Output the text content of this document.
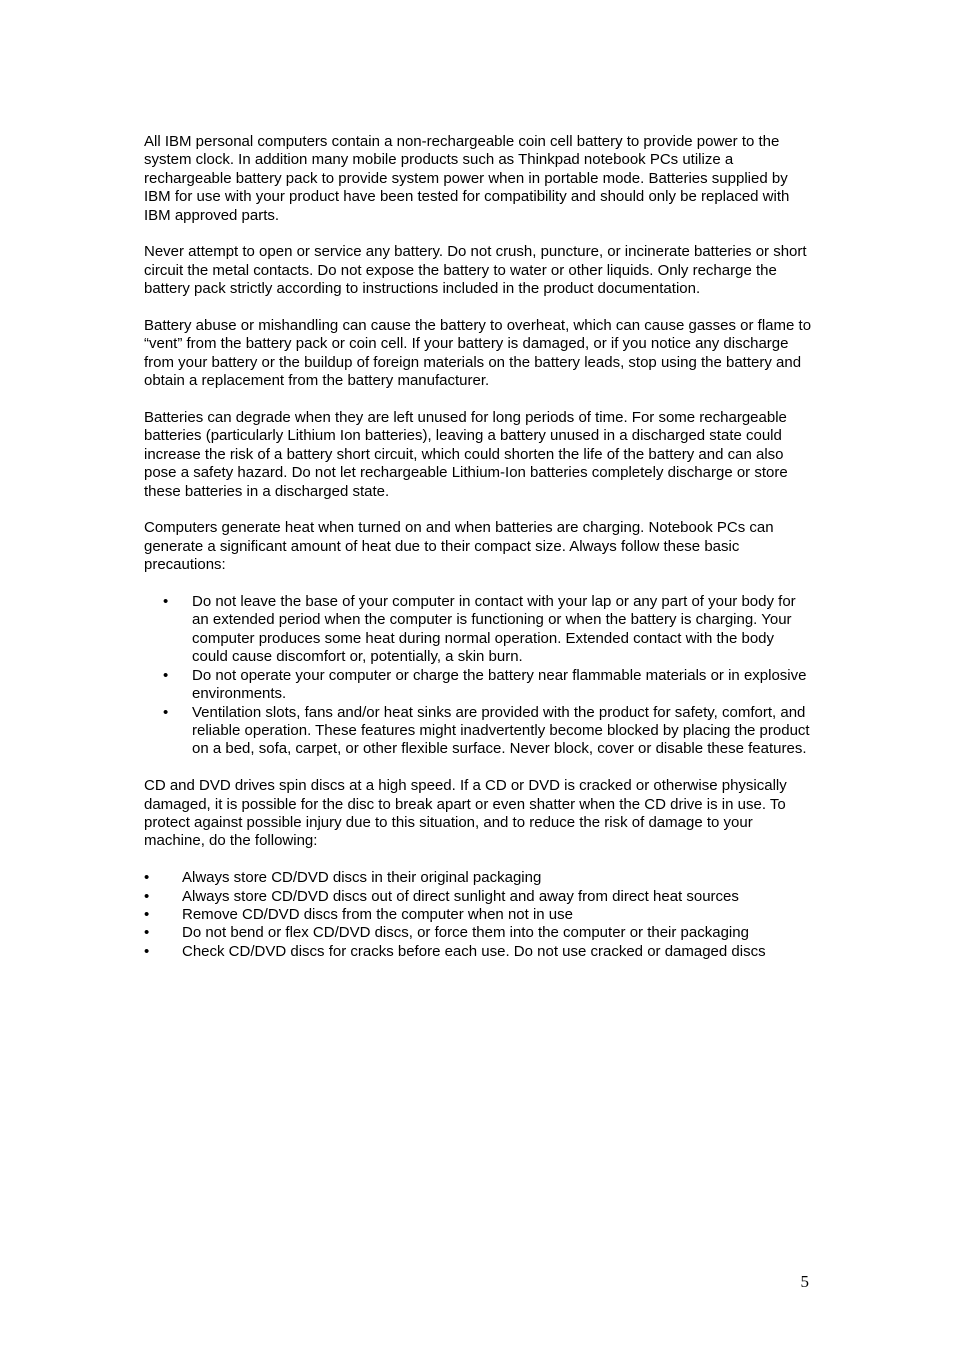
All IBM personal computers contain a non-rechargeable coin cell battery to provide power to the system clock. In addition many mobile products such as Thinkpad notebook PCs utilize a rechargeable battery pack to provide system power when in portable mode. Batteries supplied by IBM for use with your product have been tested for compatibility and should only be replaced with IBM approved parts.

Never attempt to open or service any battery. Do not crush, puncture, or incinerate batteries or short circuit the metal contacts. Do not expose the battery to water or other liquids. Only recharge the battery pack strictly according to instructions included in the product documentation.

Battery abuse or mishandling can cause the battery to overheat, which can cause gasses or flame to “vent” from the battery pack or coin cell. If your battery is damaged, or if you notice any discharge from your battery or the buildup of foreign materials on the battery leads, stop using the battery and obtain a replacement from the battery manufacturer.

Batteries can degrade when they are left unused for long periods of time. For some rechargeable batteries (particularly Lithium Ion batteries), leaving a battery unused in a discharged state could increase the risk of a battery short circuit, which could shorten the life of the battery and can also pose a safety hazard. Do not let rechargeable Lithium-Ion batteries completely discharge or store these batteries in a discharged state.

Computers generate heat when turned on and when batteries are charging. Notebook PCs can generate a significant amount of heat due to their compact size. Always follow these basic precautions:

• Do not leave the base of your computer in contact with your lap or any part of your body for an extended period when the computer is functioning or when the battery is charging. Your computer produces some heat during normal operation. Extended contact with the body could cause discomfort or, potentially, a skin burn.
• Do not operate your computer or charge the battery near flammable materials or in explosive environments.
• Ventilation slots, fans and/or heat sinks are provided with the product for safety, comfort, and reliable operation. These features might inadvertently become blocked by placing the product on a bed, sofa, carpet, or other flexible surface. Never block, cover or disable these features.

CD and DVD drives spin discs at a high speed. If a CD or DVD is cracked or otherwise physically damaged, it is possible for the disc to break apart or even shatter when the CD drive is in use. To protect against possible injury due to this situation, and to reduce the risk of damage to your machine, do the following:

• Always store CD/DVD discs in their original packaging
• Always store CD/DVD discs out of direct sunlight and away from direct heat sources
• Remove CD/DVD discs from the computer when not in use
• Do not bend or flex CD/DVD discs, or force them into the computer or their packaging
• Check CD/DVD discs for cracks before each use. Do not use cracked or damaged discs
5
